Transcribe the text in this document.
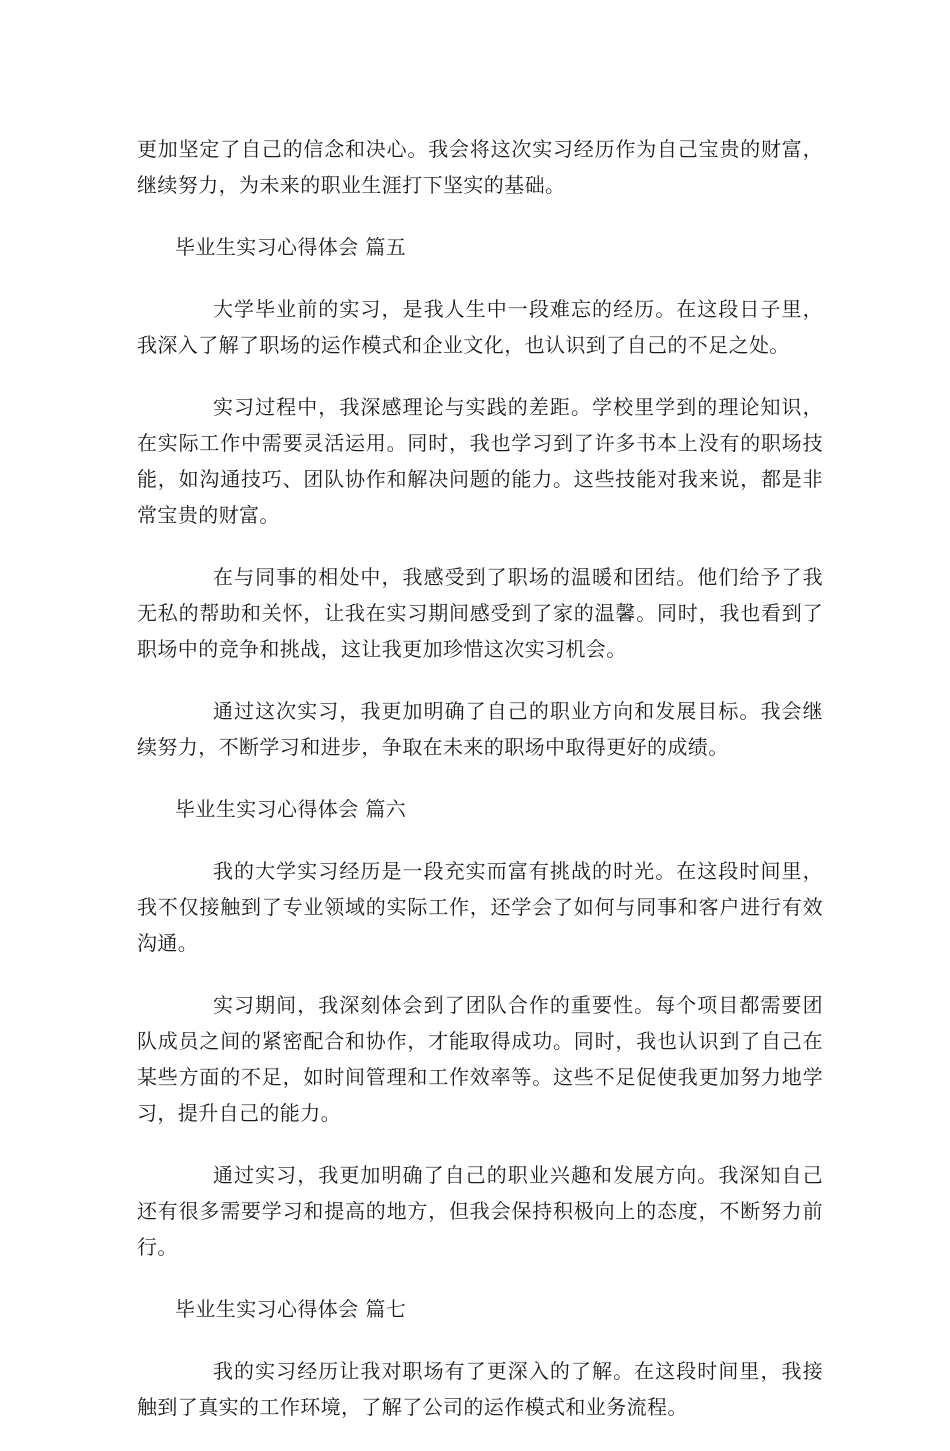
更加坚定了自己的信念和决心。我会将这次实习经历作为自己宝贵的财富，继续努力，为未来的职业生涯打下坚实的基础。

毕业生实习心得体会 篇五

大学毕业前的实习，是我人生中一段难忘的经历。在这段日子里，我深入了解了职场的运作模式和企业文化，也认识到了自己的不足之处。

实习过程中，我深感理论与实践的差距。学校里学到的理论知识，在实际工作中需要灵活运用。同时，我也学习到了许多书本上没有的职场技能，如沟通技巧、团队协作和解决问题的能力。这些技能对我来说，都是非常宝贵的财富。

在与同事的相处中，我感受到了职场的温暖和团结。他们给予了我无私的帮助和关怀，让我在实习期间感受到了家的温馨。同时，我也看到了职场中的竞争和挑战，这让我更加珍惜这次实习机会。

通过这次实习，我更加明确了自己的职业方向和发展目标。我会继续努力，不断学习和进步，争取在未来的职场中取得更好的成绩。

毕业生实习心得体会 篇六

我的大学实习经历是一段充实而富有挑战的时光。在这段时间里，我不仅接触到了专业领域的实际工作，还学会了如何与同事和客户进行有效沟通。

实习期间，我深刻体会到了团队合作的重要性。每个项目都需要团队成员之间的紧密配合和协作，才能取得成功。同时，我也认识到了自己在某些方面的不足，如时间管理和工作效率等。这些不足促使我更加努力地学习，提升自己的能力。

通过实习，我更加明确了自己的职业兴趣和发展方向。我深知自己还有很多需要学习和提高的地方，但我会保持积极向上的态度，不断努力前行。

毕业生实习心得体会 篇七

我的实习经历让我对职场有了更深入的了解。在这段时间里，我接触到了真实的工作环境，了解了公司的运作模式和业务流程。
